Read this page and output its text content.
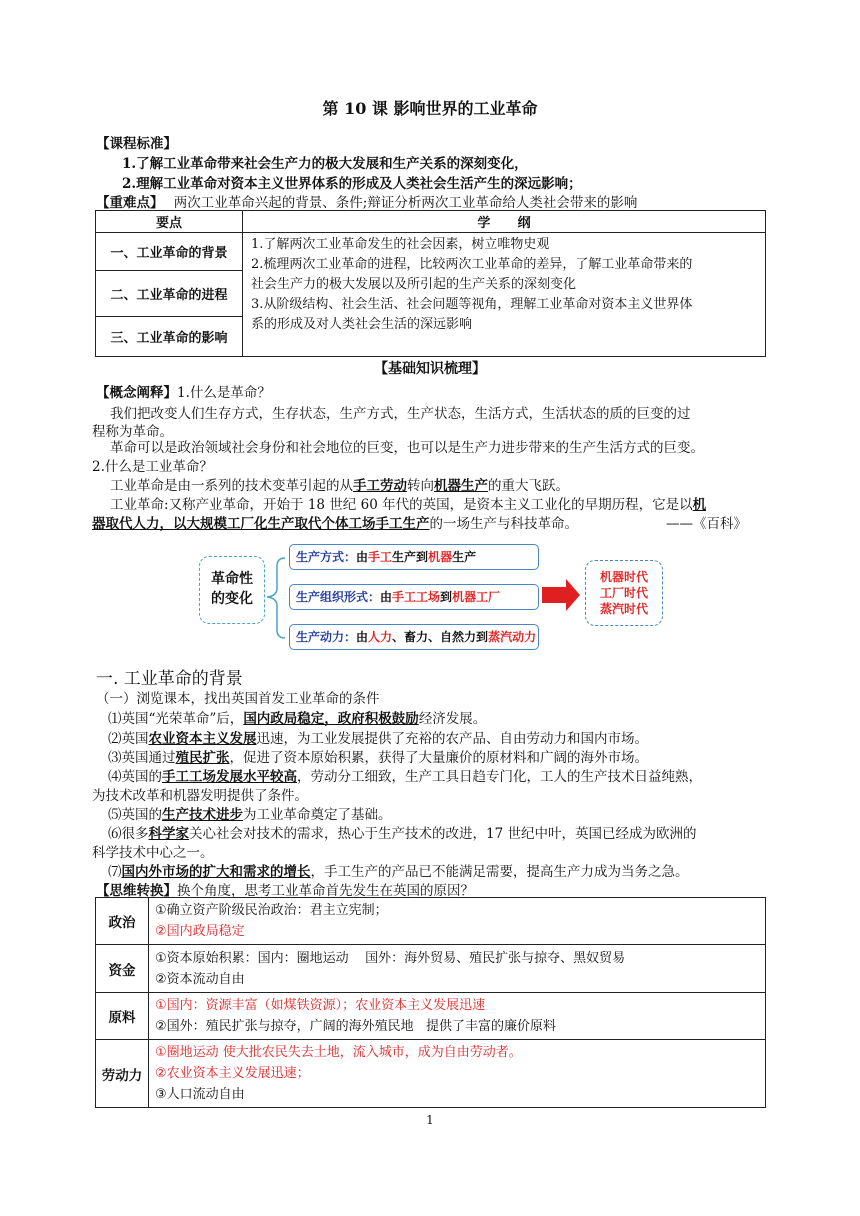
第 10 课 影响世界的工业革命
【课程标准】
1.了解工业革命带来社会生产力的极大发展和生产关系的深刻变化，
2.理解工业革命对资本主义世界体系的形成及人类社会生活产生的深远影响；
【重难点】 两次工业革命兴起的背景、条件;辩证分析两次工业革命给人类社会带来的影响
要点	学      纲
一、工业革命的背景	1.了解两次工业革命发生的社会因素，树立唯物史观
2.梳理两次工业革命的进程，比较两次工业革命的差异，了解工业革命带来的
社会生产力的极大发展以及所引起的生产关系的深刻变化
3.从阶级结构、社会生活、社会问题等视角，理解工业革命对资本主义世界体
系的形成及对人类社会生活的深远影响

二、工业革命的进程	
三、工业革命的影响	
【基础知识梳理】
【概念阐释】1.什么是革命？
我们把改变人们生存方式，生存状态，生产方式，生产状态，生活方式，生活状态的质的巨变的过
程称为革命。
革命可以是政治领域社会身份和社会地位的巨变，也可以是生产力进步带来的生产生活方式的巨变。
2.什么是工业革命？
工业革命是由一系列的技术变革引起的从手工劳动转向机器生产的重大飞跃。
工业革命:又称产业革命，开始于 18 世纪 60 年代的英国，是资本主义工业化的早期历程，它是以机
器取代人力，以大规模工厂化生产取代个体工场手工生产的一场生产与科技革命。	——《百科》
革命性
的变化
生产方式：由手工生产到机器生产
生产组织形式：由手工工场到机器工厂
生产动力：由人力、畜力、自然力到蒸汽动力
机器时代
工厂时代
蒸汽时代
一. 工业革命的背景
（一）浏览课本，找出英国首发工业革命的条件
⑴英国“光荣革命”后，国内政局稳定，政府积极鼓励经济发展。
⑵英国农业资本主义发展迅速，为工业发展提供了充裕的农产品、自由劳动力和国内市场。
⑶英国通过殖民扩张，促进了资本原始积累，获得了大量廉价的原材料和广阔的海外市场。
⑷英国的手工工场发展水平较高，劳动分工细致，生产工具日趋专门化，工人的生产技术日益纯熟，
为技术改革和机器发明提供了条件。
⑸英国的生产技术进步为工业革命奠定了基础。
⑹很多科学家关心社会对技术的需求，热心于生产技术的改进，17 世纪中叶，英国已经成为欧洲的
科学技术中心之一。
⑺国内外市场的扩大和需求的增长，手工生产的产品已不能满足需要，提高生产力成为当务之急。
【思维转换】换个角度，思考工业革命首先发生在英国的原因？
政治	①确立资产阶级民治政治：君主立宪制；
②国内政局稳定

资金	①资本原始积累：国内：圈地运动    国外：海外贸易、殖民扩张与掠夺、黑奴贸易
②资本流动自由

原料	①国内：资源丰富（如煤铁资源）；农业资本主义发展迅速
②国外：殖民扩张与掠夺，广阔的海外殖民地   提供了丰富的廉价原料

劳动力	①圈地运动 使大批农民失去土地，流入城市，成为自由劳动者。
②农业资本主义发展迅速；
③人口流动自由
1
